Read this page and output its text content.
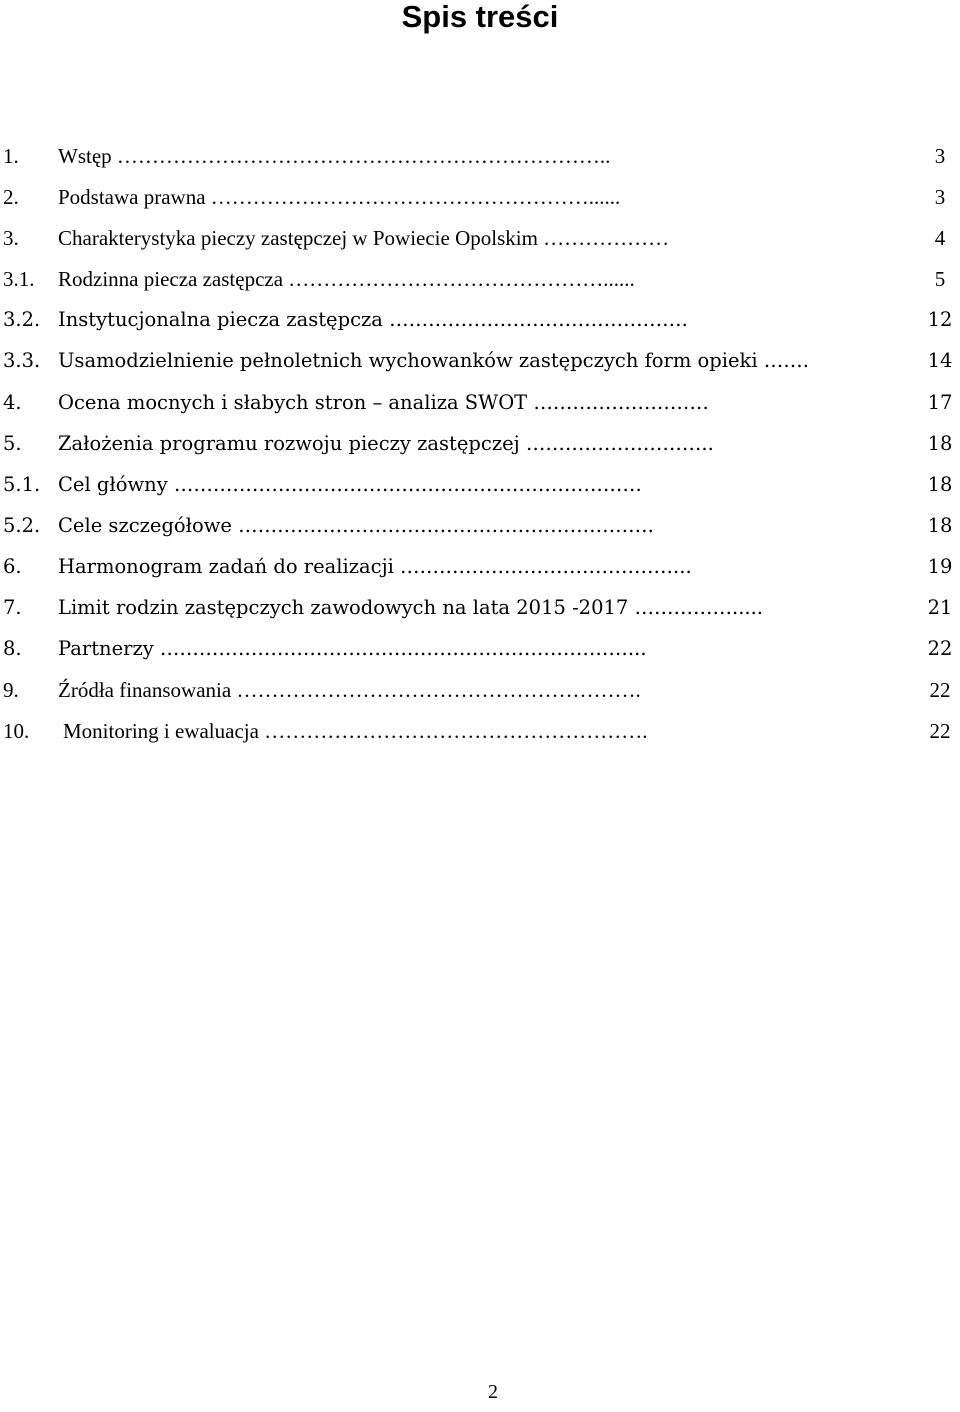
Spis treści
1. Wstęp ……………………………………………………………..	3
2. Podstawa prawna ………………………………………………......	3
3. Charakterystyka pieczy zastępczej w Powiecie Opolskim ………………	4
3.1. Rodzinna piecza zastępcza ………………………………………......	5
3.2. Instytucjonalna piecza zastępcza ……………………………………….	12
3.3. Usamodzielnienie pełnoletnich wychowanków zastępczych form opieki …….	14
4. Ocena mocnych i słabych stron – analiza SWOT ………………………	17
5. Założenia programu rozwoju pieczy zastępczej ………………………..	18
5.1. Cel główny ………………………………………………………………	18
5.2. Cele szczegółowe ……………………………………………………….	18
6. Harmonogram zadań do realizacji ……………………………………...	19
7. Limit rodzin zastępczych zawodowych na lata 2015 -2017 …………….....	21
8. Partnerzy ………………………………………………………………...	22
9. Źródła finansowania ………………………………………………….	22
10. Monitoring i ewaluacja ……………………………………………….	22
2
